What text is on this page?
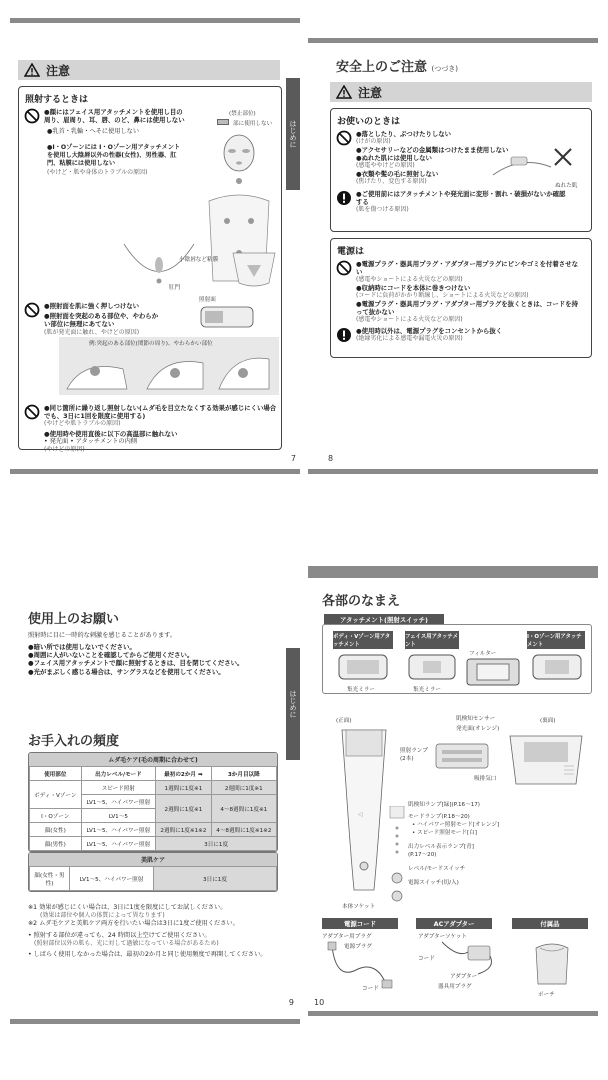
はじめに
注意
照射するときは
●顔にはフェイス用アタッチメントを使用し目の周り、眉周り、耳、唇、のど、鼻には使用しない
●乳首・乳輪・へそに使用しない
●I・Oゾーンには I・Oゾーン用アタッチメントを使用し大陰唇以外の性器(女性)、男性器、肛門、粘膜には使用しない
(やけど・肌や身体のトラブルの原因)
(禁止部位)
部に使用しない
小陰唇など粘膜
肛門
●照射面を肌に強く押しつけない
●照射面を突起のある部位や、やわらかい部位に無理にあてない
(肌が発光面に触れ、やけどの原因)
照射面
例:突起のある部位(関節の周り)、やわらかい部位
●同じ箇所に繰り返し照射しない(ムダ毛を目立たなくする効果が感じにくい場合でも、3日に1回を限度に使用する)
(やけどや肌トラブルの原因)
●使用時や使用直後に以下の高温部に触れない
• 発光面 • アタッチメントの内側
(やけどの原因)
7
安全上のご注意 (つづき)
注意
お使いのときは
●落としたり、ぶつけたりしない
(けがの原因)
●アクセサリーなどの金属類はつけたまま使用しない
●ぬれた肌には使用しない
(感電ややけどの原因)
●衣類や髪の毛に照射しない
(焦げたり、変色する原因)
ぬれた肌
●ご使用前にはアタッチメントや発光面に変形・割れ・破損がないか確認する
(肌を傷つける原因)
電源は
●電源プラグ・器具用プラグ・アダプター用プラグにピンやゴミを付着させない
(感電やショートによる火災などの原因)
●収納時にコードを本体に巻きつけない
(コードに負荷がかかり断線し、ショートによる火災などの原因)
●電源プラグ・器具用プラグ・アダプター用プラグを抜くときは、コードを持って抜かない
(感電やショートによる火災などの原因)
●使用時以外は、電源プラグをコンセントから抜く
(絶縁劣化による感電や漏電火災の原因)
8
はじめに
使用上のお願い
照射時に目に一時的な刺激を感じることがあります。
●暗い所では使用しないでください。
●周囲に人がいないことを確認してからご使用ください。
●フェイス用アタッチメントで顔に照射するときは、目を閉じてください。
●光がまぶしく感じる場合は、サングラスなどを使用してください。
お手入れの頻度
ムダ毛ケア(毛の周期に合わせて)
使用部位	出力レベル/モード	最初の2か月 ➡	3か月目以降
ボディ・Vゾーン	スピード照射	1週間に1度※1	2週間に1度※1
	LV1〜5、ハイパワー照射	2週間に1度※1	4〜8週間に1度※1
I・Oゾーン	LV1〜5		
顔(女性)	LV1〜5、ハイパワー照射	2週間に1度※1※2	4〜8週間に1度※1※2
顔(男性)	LV1〜5、ハイパワー照射	3日に1度	
美肌ケア
顔(女性・男性)	LV1〜5、ハイパワー照射	3日に1度
※1 効果が感じにくい場合は、3日に1度を限度にしてお試しください。
(効果は部位や個人の体質によって異なります)
※2 ムダ毛ケアと美肌ケア両方を行いたい場合は3日に1度ご使用ください。
• 照射する部位が違っても、24 時間以上空けてご使用ください。
(照射部位以外の肌も、光に対して過敏になっている場合があるため)
• しばらく使用しなかった場合は、最初の2か月と同じ使用頻度で再開してください。
9
各部のなまえ
アタッチメント(照射スイッチ)
ボディ・Vゾーン用アタッチメント
フェイス用アタッチメント
I・Oゾーン用アタッチメント
フィルター
集光ミラー	集光ミラー
(正面)	(裏面)
肌検知センサー
発光面(オレンジ)
◁
照射ランプ
(2本)
吸排気口
肌検知ランプ[緑](P.16〜17)
モードランプ(P.18〜20)
• ハイパワー照射モード[オレンジ]
• スピード照射モード[白]
出力レベル表示ランプ[青]
(P.17〜20)
レベル/モードスイッチ
電源スイッチ(切/入)
本体ソケット
電源コード	ACアダプター	付属品
アダプター用プラグ
電源プラグ
コード
アダプターソケット
コード
アダプター
器具用プラグ
ポーチ
10
